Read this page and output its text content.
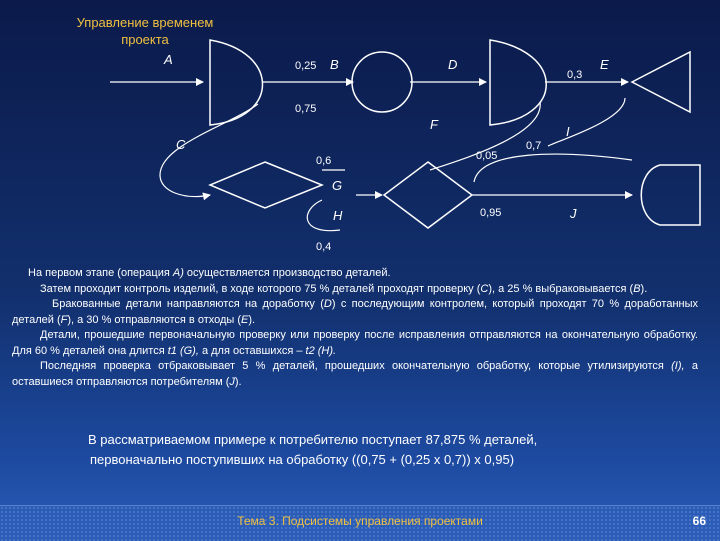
Управление временем проекта
A	B
C
D	E
F
G
H
I
J
0,25
0,75
0,6
0,4
0,3
0,7
0,05
0,95

На первом этапе (операция A) осуществляется производство деталей.

Затем проходит контроль изделий, в ходе которого 75 % деталей проходят проверку (C), а 25 % выбраковывается (B).

Бракованные детали направляются на доработку (D) с последующим контролем, который проходят 70 % доработанных деталей (F), а 30 % отправляются в отходы (E).

Детали, прошедшие первоначальную проверку или проверку после исправления отправляются на окончательную обработку. Для 60 % деталей она длится t1 (G), а для оставшихся – t2 (H).

Последняя проверка отбраковывает 5 % деталей, прошедших окончательную обработку, которые утилизируются (I), а оставшиеся отправляются потребителям (J).

В рассматриваемом примере к потребителю поступает 87,875 % деталей,

первоначально поступивших на обработку ((0,75 + (0,25 х 0,7)) х 0,95)

Тема 3. Подсистемы управления проектами	66
